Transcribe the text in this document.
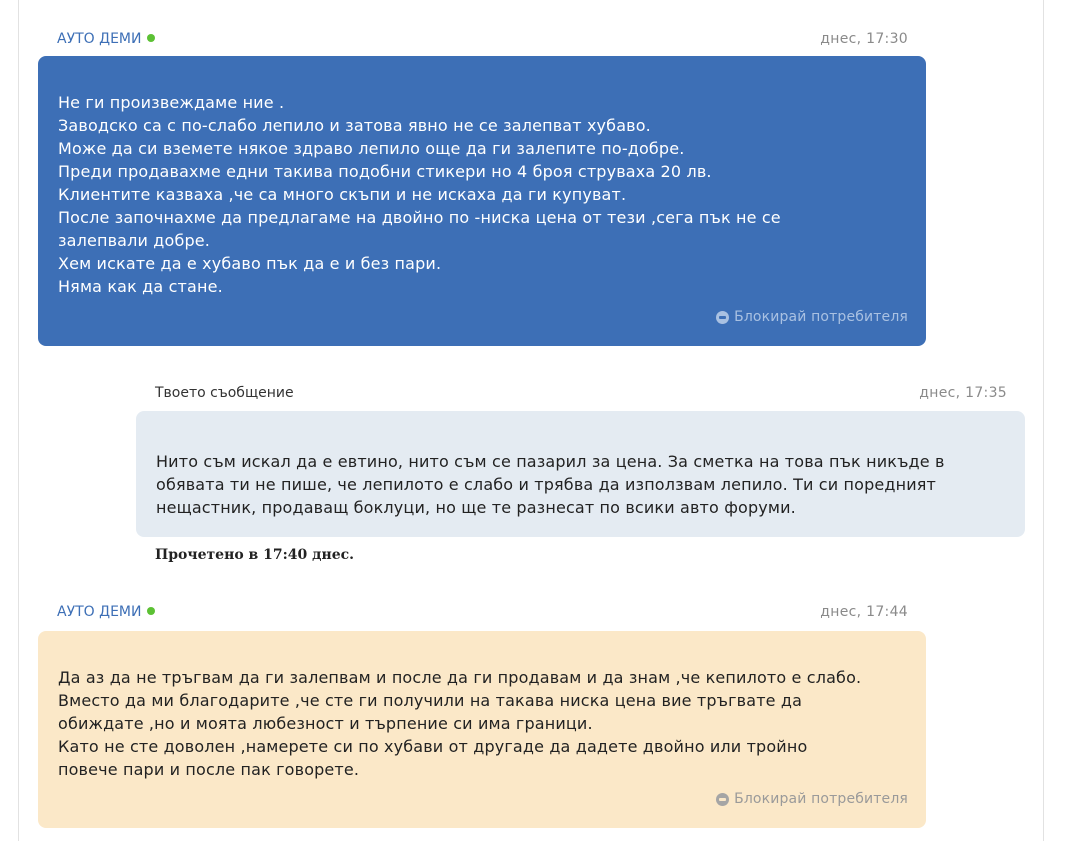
АУТО ДЕМИ	днес, 17:30
Не ги произвеждаме ние .
Заводско са с по-слабо лепило и затова явно не се залепват хубаво.
Може да си вземете някое здраво лепило още да ги залепите по-добре.
Преди продавахме едни такива подобни стикери но 4 броя струваха 20 лв.
Клиентите казваха ,че са много скъпи и не искаха да ги купуват.
После започнахме да предлагаме на двойно по -ниска цена от тези ,сега пък не се
залепвали добре.
Хем искате да е хубаво пък да е и без пари.
Няма как да стане.
Блокирай потребителя
Твоето съобщение	днес, 17:35
Нито съм искал да е евтино, нито съм се пазарил за цена. За сметка на това пък никъде в
обявата ти не пише, че лепилото е слабо и трябва да използвам лепило. Ти си поредният
нещастник, продаващ боклуци, но ще те разнесат по всики авто форуми.
Прочетено в 17:40 днес.
АУТО ДЕМИ	днес, 17:44
Да аз да не тръгвам да ги залепвам и после да ги продавам и да знам ,че кепилото е слабо.
Вместо да ми благодарите ,че сте ги получили на такава ниска цена вие тръгвате да
обиждате ,но и моята любезност и търпение си има граници.
Като не сте доволен ,намерете си по хубави от другаде да дадете двойно или тройно
повече пари и после пак говорете.
Блокирай потребителя
